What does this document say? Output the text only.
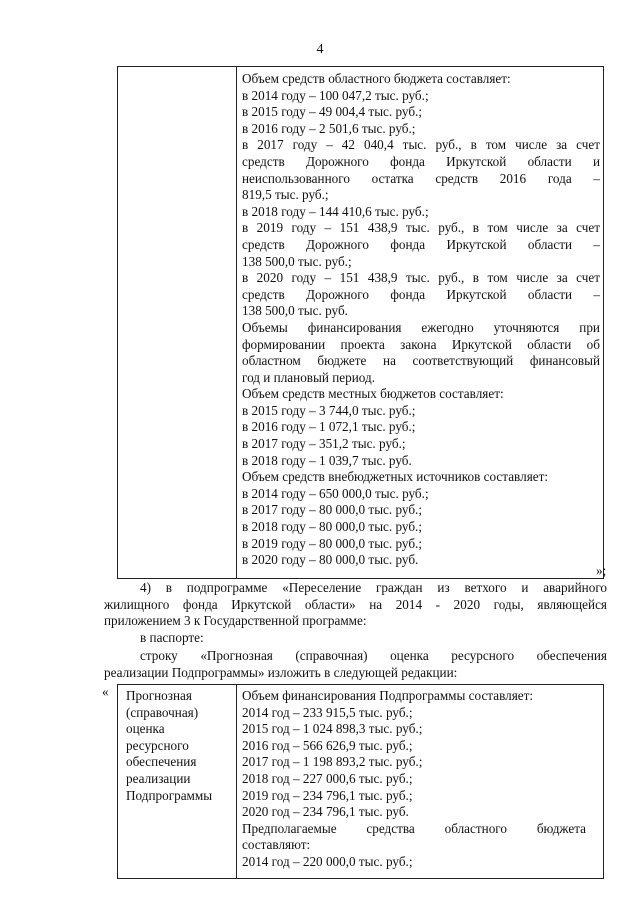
4
Объем средств областного бюджета составляет:
в 2014 году – 100 047,2 тыс. руб.;
в 2015 году – 49 004,4 тыс. руб.;
в 2016 году – 2 501,6 тыс. руб.;
в 2017 году – 42 040,4 тыс. руб., в том числе за счет
средств Дорожного фонда Иркутской области и
неиспользованного остатка средств 2016 года –
819,5 тыс. руб.;
в 2018 году – 144 410,6 тыс. руб.;
в 2019 году – 151 438,9 тыс. руб., в том числе за счет
средств Дорожного фонда Иркутской области –
138 500,0 тыс. руб.;
в 2020 году – 151 438,9 тыс. руб., в том числе за счет
средств Дорожного фонда Иркутской области –
138 500,0 тыс. руб.
Объемы финансирования ежегодно уточняются при
формировании проекта закона Иркутской области об
областном бюджете на соответствующий финансовый
год и плановый период.
Объем средств местных бюджетов составляет:
в 2015 году – 3 744,0 тыс. руб.;
в 2016 году – 1 072,1 тыс. руб.;
в 2017 году – 351,2 тыс. руб.;
в 2018 году – 1 039,7 тыс. руб.
Объем средств внебюджетных источников составляет:
в 2014 году – 650 000,0 тыс. руб.;
в 2017 году – 80 000,0 тыс. руб.;
в 2018 году – 80 000,0 тыс. руб.;
в 2019 году – 80 000,0 тыс. руб.;
в 2020 году – 80 000,0 тыс. руб.
»;
4) в подпрограмме «Переселение граждан из ветхого и аварийного
жилищного фонда Иркутской области» на 2014 - 2020 годы, являющейся
приложением 3 к Государственной программе:
в паспорте:
строку «Прогнозная (справочная) оценка ресурсного обеспечения
реализации Подпрограммы» изложить в следующей редакции:
« Прогнозная
(справочная)
оценка
ресурсного
обеспечения
реализации
Подпрограммы
Объем финансирования Подпрограммы составляет:
2014 год – 233 915,5 тыс. руб.;
2015 год – 1 024 898,3 тыс. руб.;
2016 год – 566 626,9 тыс. руб.;
2017 год – 1 198 893,2 тыс. руб.;
2018 год – 227 000,6 тыс. руб.;
2019 год – 234 796,1 тыс. руб.;
2020 год – 234 796,1 тыс. руб.
Предполагаемые средства областного бюджета
составляют:
2014 год – 220 000,0 тыс. руб.;
